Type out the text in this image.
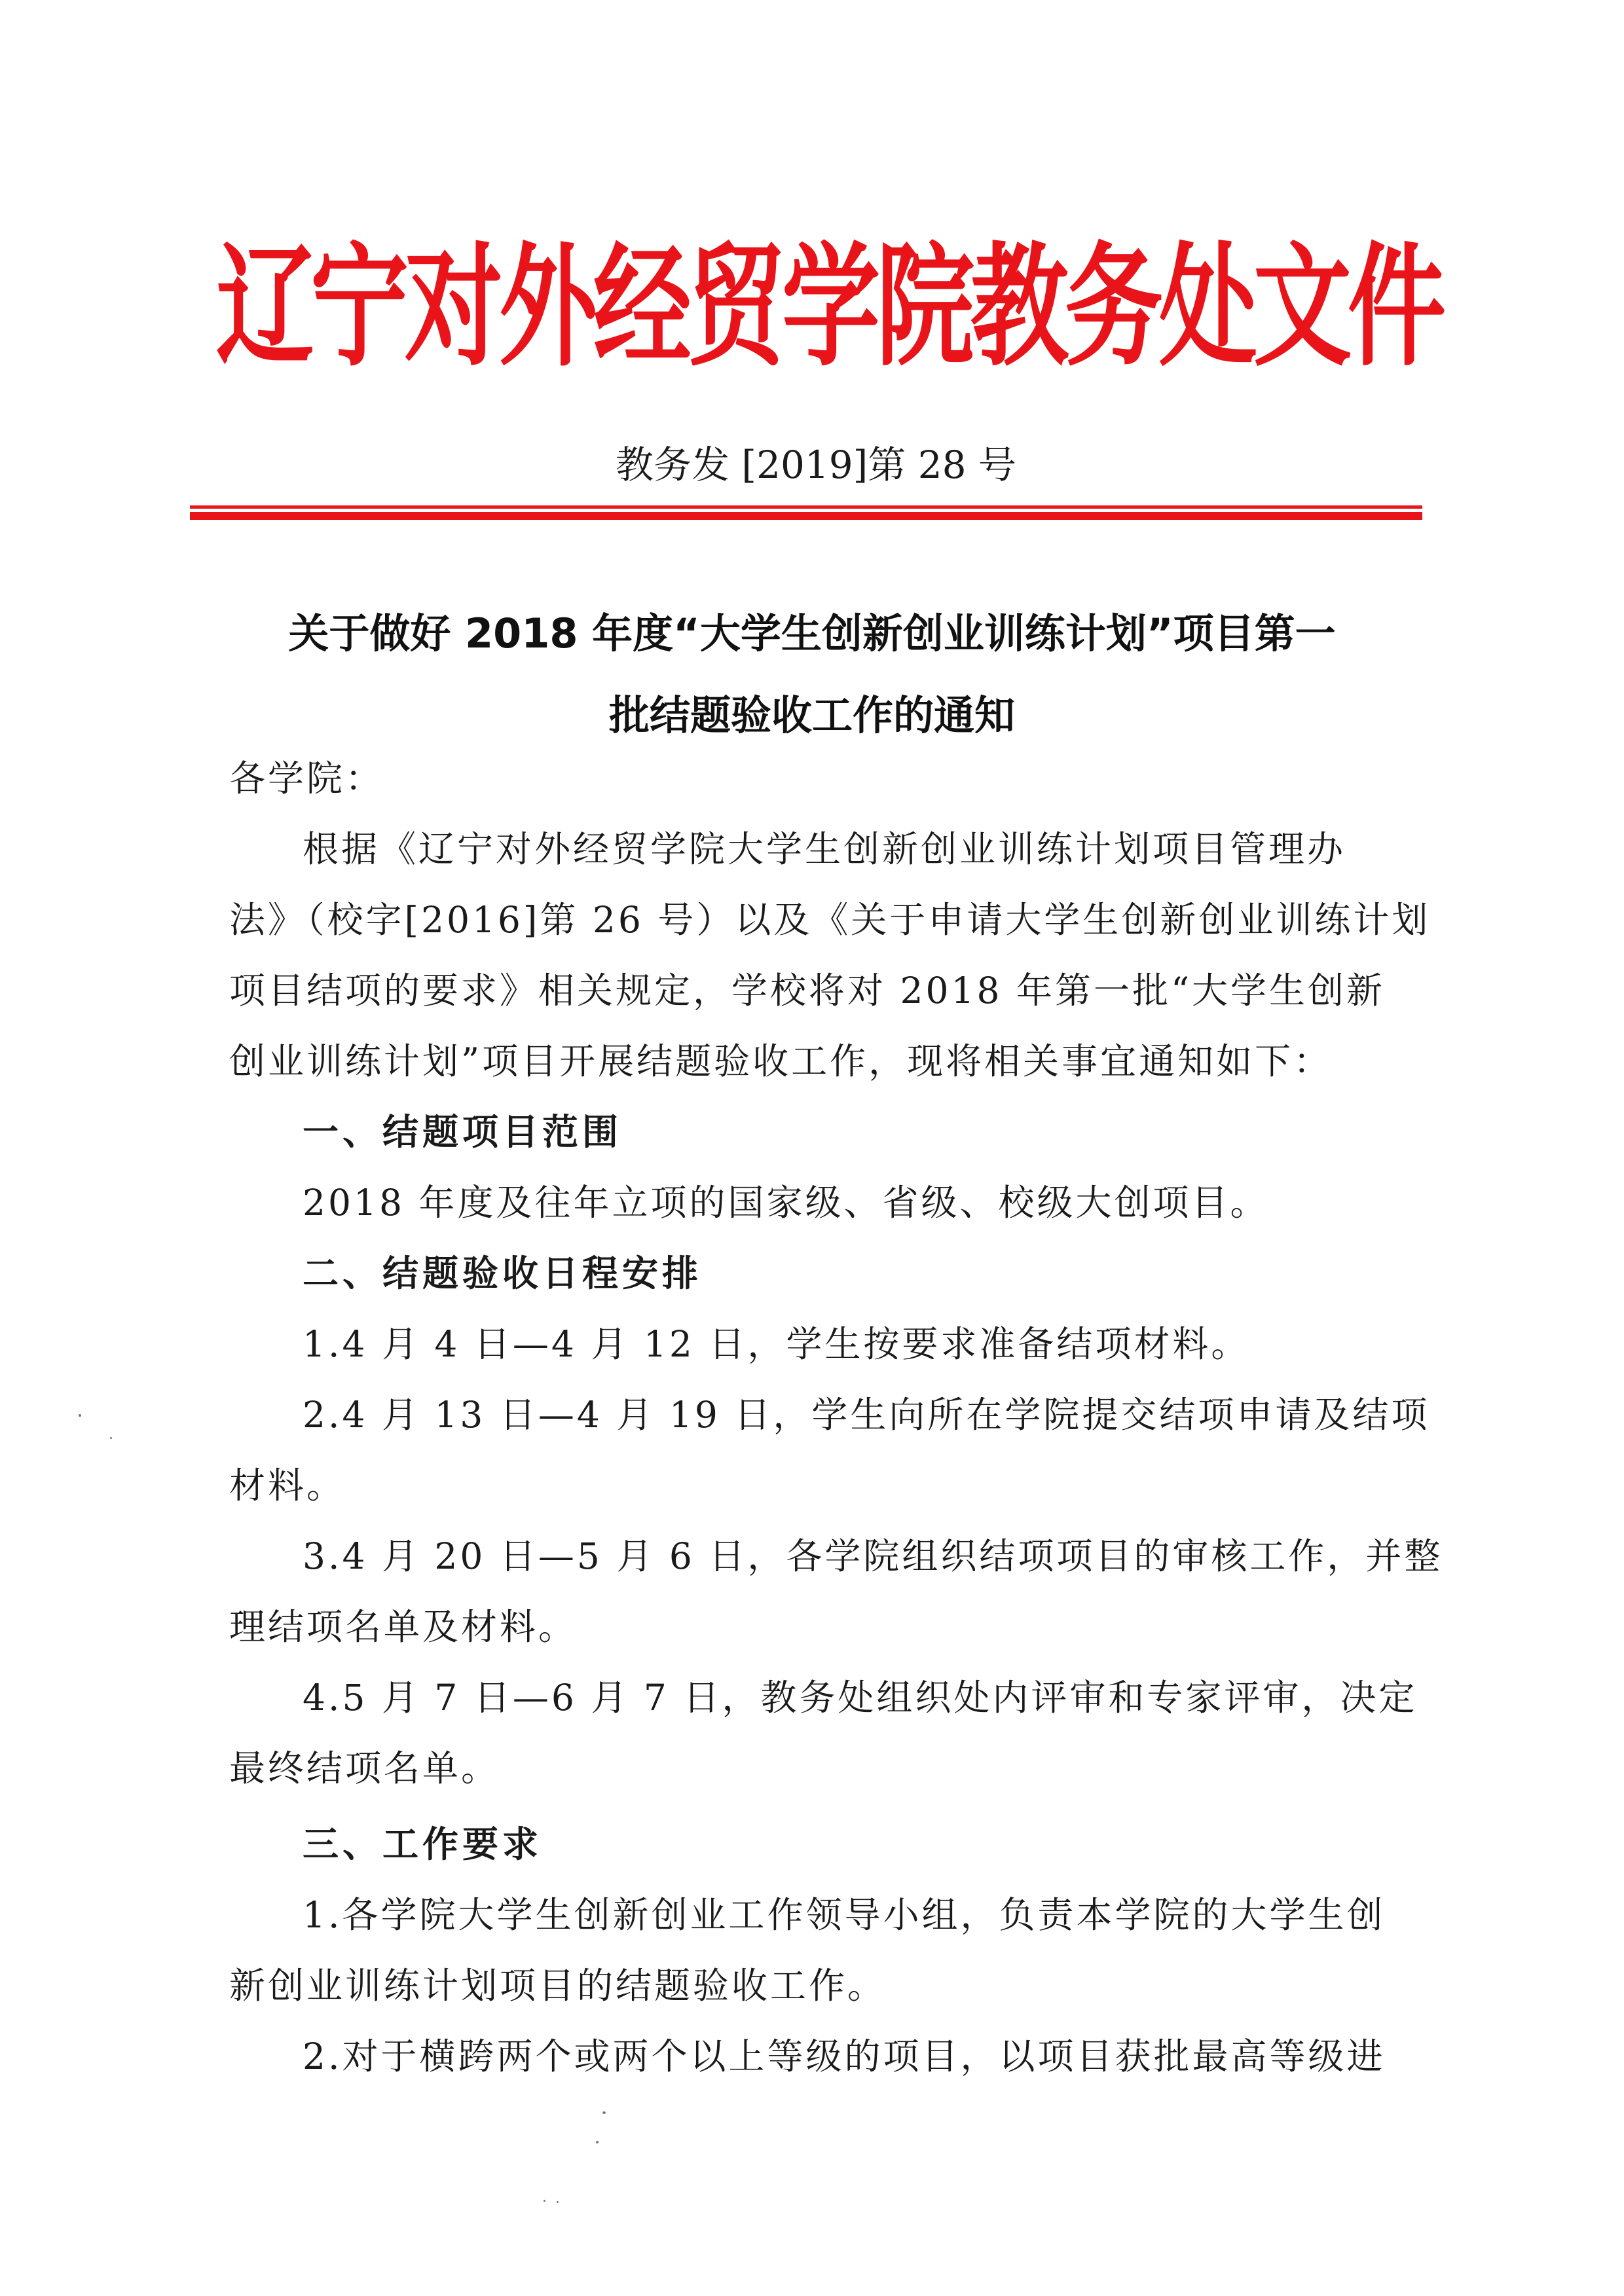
辽宁对外经贸学院教务处文件
教务发 [2019]第 28 号
关于做好 2018 年度“大学生创新创业训练计划”项目第一
批结题验收工作的通知
各学院：
根据《辽宁对外经贸学院大学生创新创业训练计划项目管理办
法》（校字[2016]第 26 号）以及《关于申请大学生创新创业训练计划
项目结项的要求》相关规定，学校将对 2018 年第一批“大学生创新
创业训练计划”项目开展结题验收工作，现将相关事宜通知如下：
一、结题项目范围
2018 年度及往年立项的国家级、省级、校级大创项目。
二、结题验收日程安排
1.4 月 4 日—4 月 12 日，学生按要求准备结项材料。
2.4 月 13 日—4 月 19 日，学生向所在学院提交结项申请及结项
材料。
3.4 月 20 日—5 月 6 日，各学院组织结项项目的审核工作，并整
理结项名单及材料。
4.5 月 7 日—6 月 7 日，教务处组织处内评审和专家评审，决定
最终结项名单。
三、工作要求
1.各学院大学生创新创业工作领导小组，负责本学院的大学生创
新创业训练计划项目的结题验收工作。
2.对于横跨两个或两个以上等级的项目，以项目获批最高等级进
